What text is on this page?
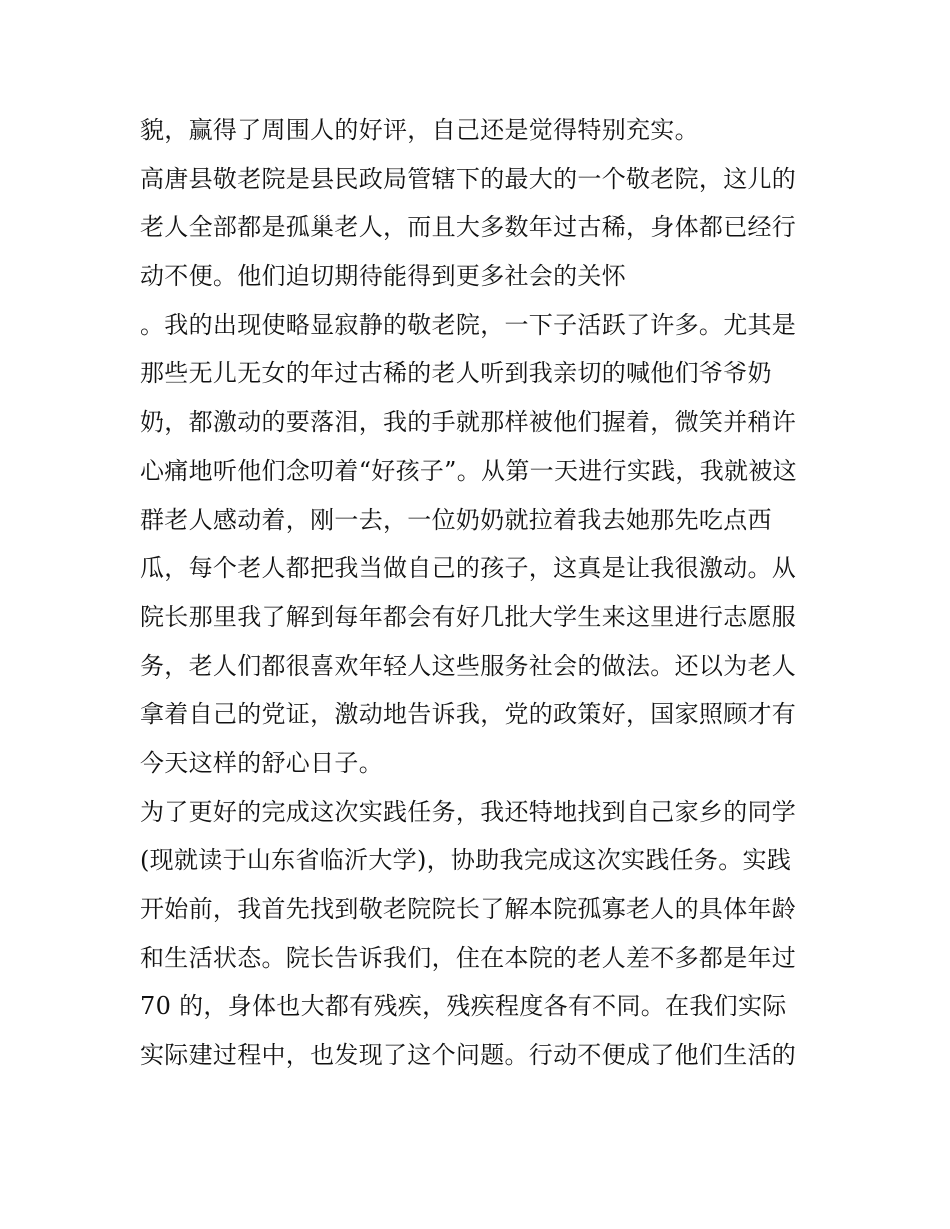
貌，赢得了周围人的好评，自己还是觉得特别充实。
高唐县敬老院是县民政局管辖下的最大的一个敬老院，这儿的
老人全部都是孤巢老人，而且大多数年过古稀，身体都已经行
动不便。他们迫切期待能得到更多社会的关怀
。我的出现使略显寂静的敬老院，一下子活跃了许多。尤其是
那些无儿无女的年过古稀的老人听到我亲切的喊他们爷爷奶
奶，都激动的要落泪，我的手就那样被他们握着，微笑并稍许
心痛地听他们念叨着“好孩子”。从第一天进行实践，我就被这
群老人感动着，刚一去，一位奶奶就拉着我去她那先吃点西
瓜，每个老人都把我当做自己的孩子，这真是让我很激动。从
院长那里我了解到每年都会有好几批大学生来这里进行志愿服
务，老人们都很喜欢年轻人这些服务社会的做法。还以为老人
拿着自己的党证，激动地告诉我，党的政策好，国家照顾才有
今天这样的舒心日子。
为了更好的完成这次实践任务，我还特地找到自己家乡的同学
(现就读于山东省临沂大学)，协助我完成这次实践任务。实践
开始前，我首先找到敬老院院长了解本院孤寡老人的具体年龄
和生活状态。院长告诉我们，住在本院的老人差不多都是年过
70 的，身体也大都有残疾，残疾程度各有不同。在我们实际
实际建过程中，也发现了这个问题。行动不便成了他们生活的
